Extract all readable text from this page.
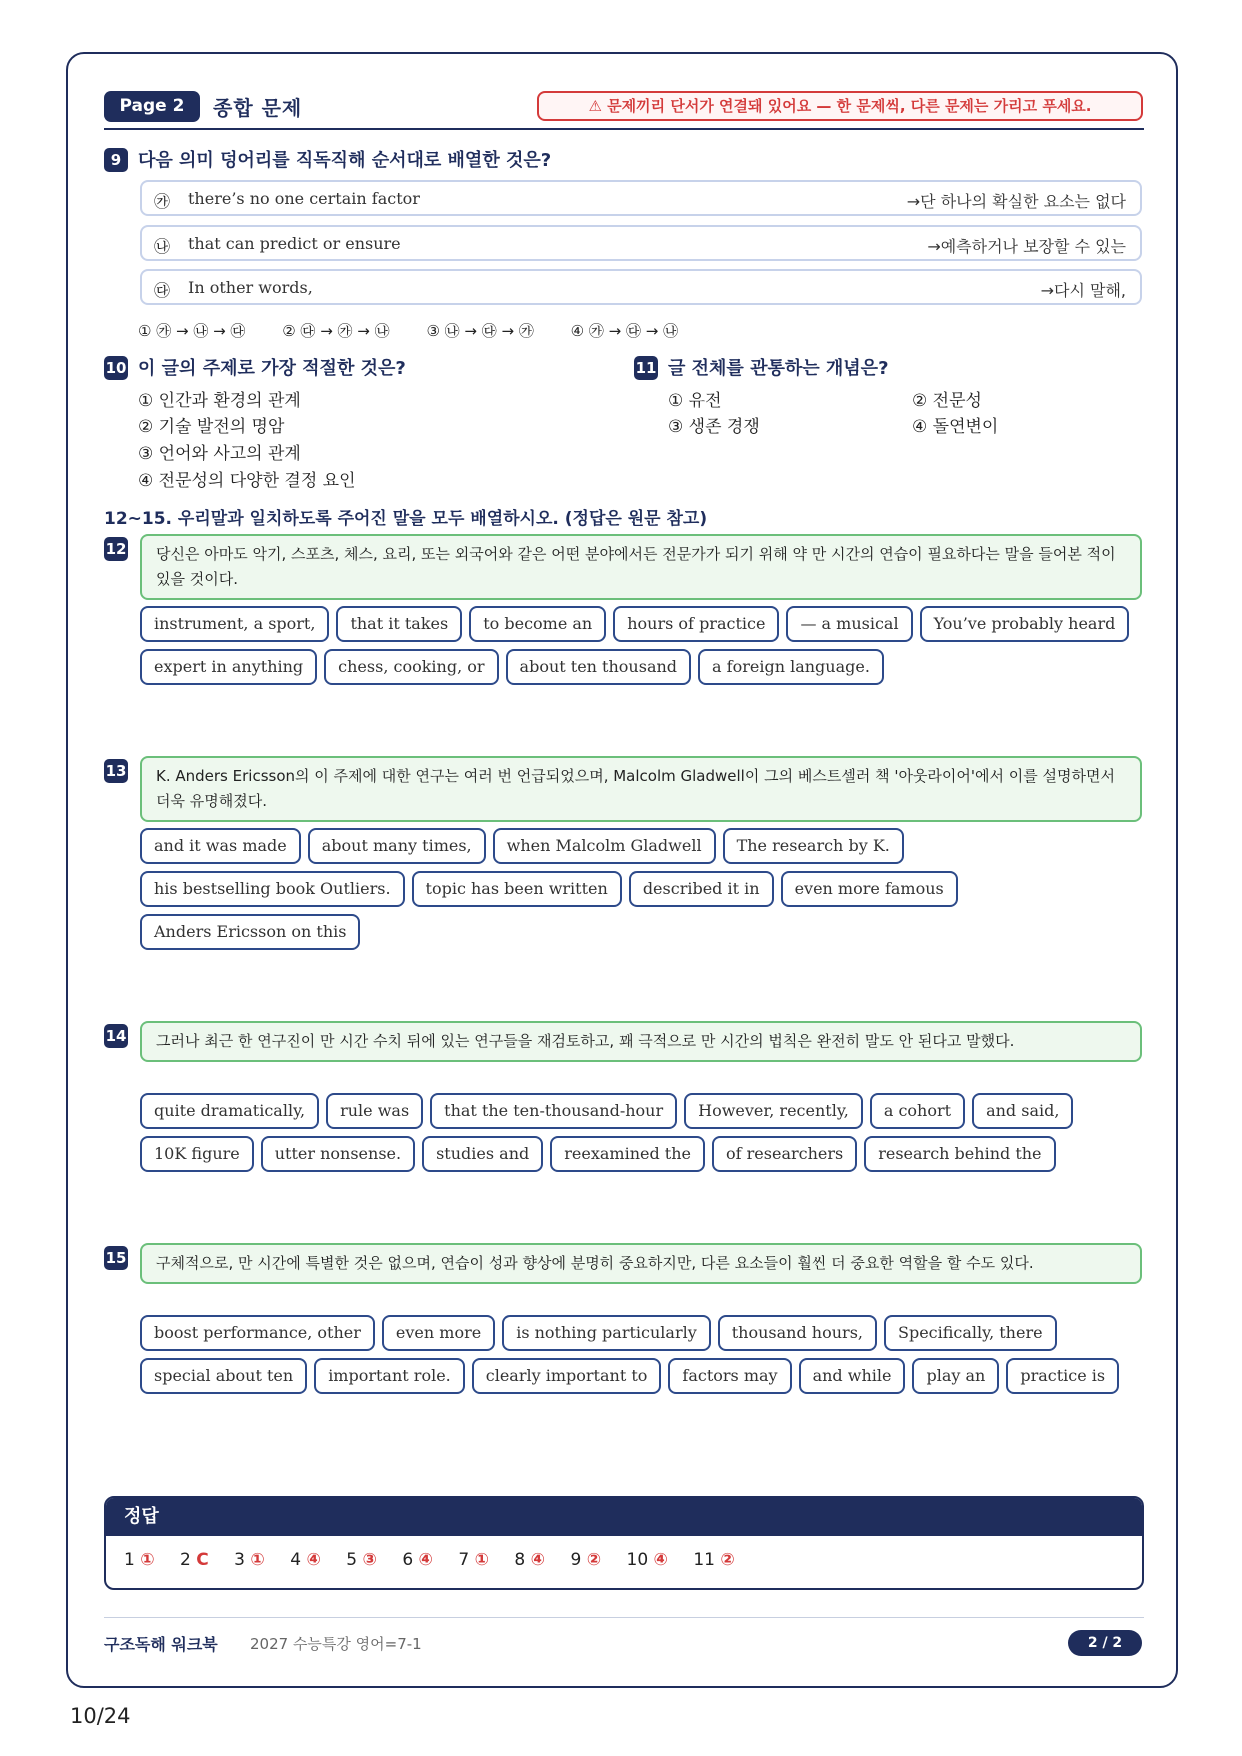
Page 2	종합 문제	⚠ 문제끼리 단서가 연결돼 있어요 — 한 문제씩, 다른 문제는 가리고 푸세요.
9 다음 의미 덩어리를 직독직해 순서대로 배열한 것은?
㉮ there’s no one certain factor	→단 하나의 확실한 요소는 없다
㉯ that can predict or ensure	→예측하거나 보장할 수 있는
㉰ In other words,	→다시 말해,
① ㉮ → ㉯ → ㉰ ② ㉰ → ㉮ → ㉯ ③ ㉯ → ㉰ → ㉮ ④ ㉮ → ㉰ → ㉯
10 이 글의 주제로 가장 적절한 것은?
① 인간과 환경의 관계
② 기술 발전의 명암
③ 언어와 사고의 관계
④ 전문성의 다양한 결정 요인
11 글 전체를 관통하는 개념은?
① 유전	② 전문성
③ 생존 경쟁	④ 돌연변이
12~15. 우리말과 일치하도록 주어진 말을 모두 배열하시오. (정답은 원문 참고)
12	당신은 아마도 악기, 스포츠, 체스, 요리, 또는 외국어와 같은 어떤 분야에서든 전문가가 되기 위해 약 만 시간의 연습이 필요하다는 말을 들어본 적이 있을 것이다.
instrument, a sport,	that it takes	to become an	hours of practice	— a musical	You’ve probably heard
expert in anything	chess, cooking, or	about ten thousand	a foreign language.
13	K. Anders Ericsson의 이 주제에 대한 연구는 여러 번 언급되었으며, Malcolm Gladwell이 그의 베스트셀러 책 '아웃라이어'에서 이를 설명하면서 더욱 유명해졌다.
and it was made	about many times,	when Malcolm Gladwell	The research by K.
his bestselling book Outliers.	topic has been written	described it in	even more famous
Anders Ericsson on this
14	그러나 최근 한 연구진이 만 시간 수치 뒤에 있는 연구들을 재검토하고, 꽤 극적으로 만 시간의 법칙은 완전히 말도 안 된다고 말했다.
quite dramatically,	rule was	that the ten-thousand-hour	However, recently,	a cohort	and said,
10K figure	utter nonsense.	studies and	reexamined the	of researchers	research behind the
15	구체적으로, 만 시간에 특별한 것은 없으며, 연습이 성과 향상에 분명히 중요하지만, 다른 요소들이 훨씬 더 중요한 역할을 할 수도 있다.
boost performance, other	even more	is nothing particularly	thousand hours,	Specifically, there
special about ten	important role.	clearly important to	factors may	and while	play an	practice is
정답
1 ① 2 C 3 ① 4 ④ 5 ③ 6 ④ 7 ① 8 ④ 9 ② 10 ④ 11 ②
구조독해 워크북 2027 수능특강 영어=7-1	2 / 2
10/24
